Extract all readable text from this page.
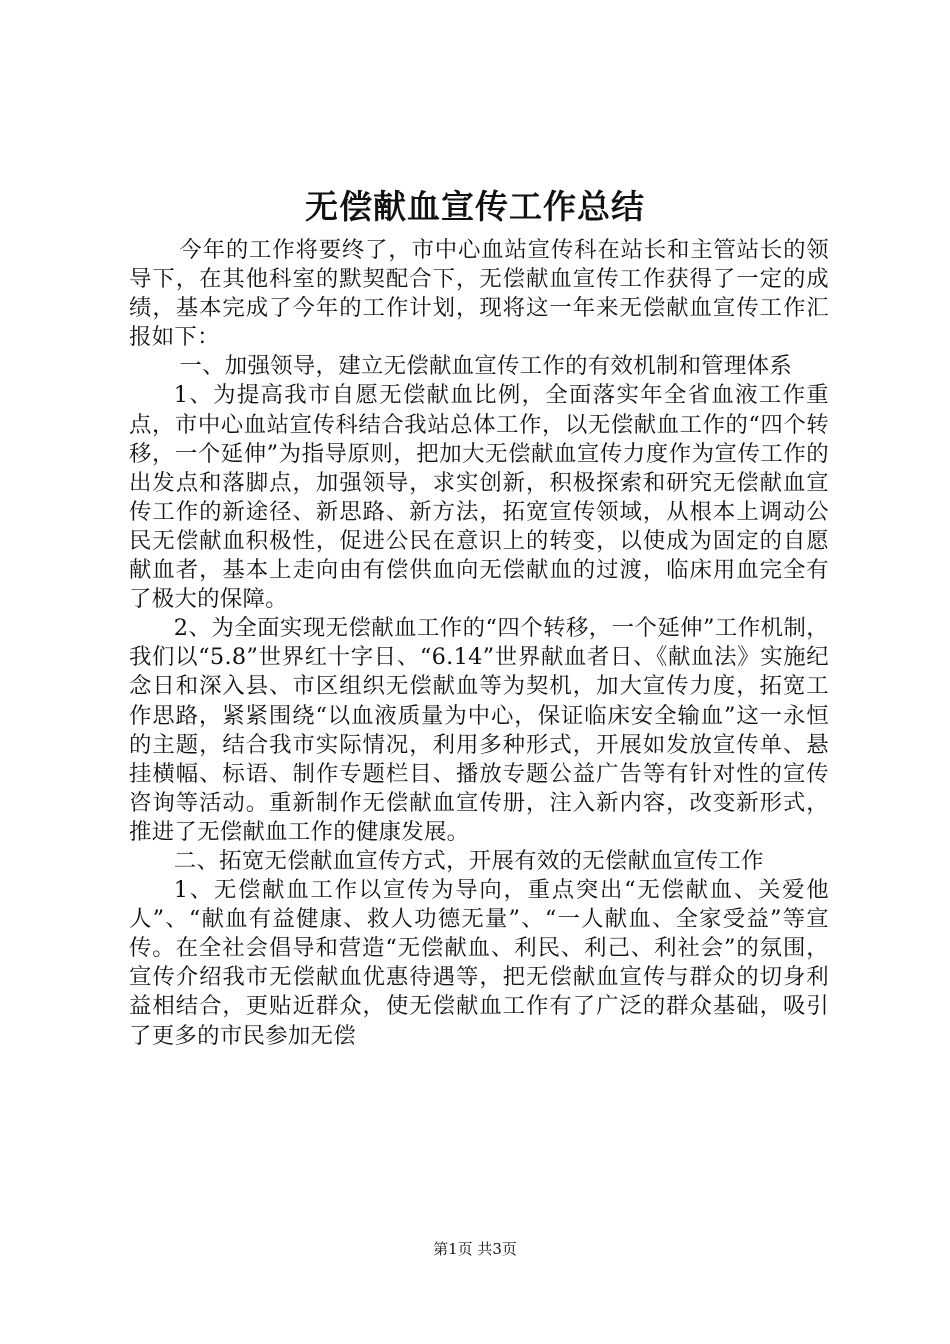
无偿献血宣传工作总结

今年的工作将要终了，市中心血站宣传科在站长和主管站长的领导下，在其他科室的默契配合下，无偿献血宣传工作获得了一定的成绩，基本完成了今年的工作计划，现将这一年来无偿献血宣传工作汇报如下：

一、加强领导，建立无偿献血宣传工作的有效机制和管理体系

1、为提高我市自愿无偿献血比例，全面落实年全省血液工作重点，市中心血站宣传科结合我站总体工作，以无偿献血工作的“四个转移，一个延伸”为指导原则，把加大无偿献血宣传力度作为宣传工作的出发点和落脚点，加强领导，求实创新，积极探索和研究无偿献血宣传工作的新途径、新思路、新方法，拓宽宣传领域，从根本上调动公民无偿献血积极性，促进公民在意识上的转变，以使成为固定的自愿献血者，基本上走向由有偿供血向无偿献血的过渡，临床用血完全有了极大的保障。

2、为全面实现无偿献血工作的“四个转移，一个延伸”工作机制，我们以“5.8”世界红十字日、“6.14”世界献血者日、《献血法》实施纪念日和深入县、市区组织无偿献血等为契机，加大宣传力度，拓宽工作思路，紧紧围绕“以血液质量为中心，保证临床安全输血”这一永恒的主题，结合我市实际情况，利用多种形式，开展如发放宣传单、悬挂横幅、标语、制作专题栏目、播放专题公益广告等有针对性的宣传咨询等活动。重新制作无偿献血宣传册，注入新内容，改变新形式，推进了无偿献血工作的健康发展。

二、拓宽无偿献血宣传方式，开展有效的无偿献血宣传工作

1、无偿献血工作以宣传为导向，重点突出“无偿献血、关爱他人”、“献血有益健康、救人功德无量”、“一人献血、全家受益”等宣传。在全社会倡导和营造“无偿献血、利民、利己、利社会”的氛围，宣传介绍我市无偿献血优惠待遇等，把无偿献血宣传与群众的切身利益相结合，更贴近群众，使无偿献血工作有了广泛的群众基础，吸引了更多的市民参加无偿

第1页 共3页
